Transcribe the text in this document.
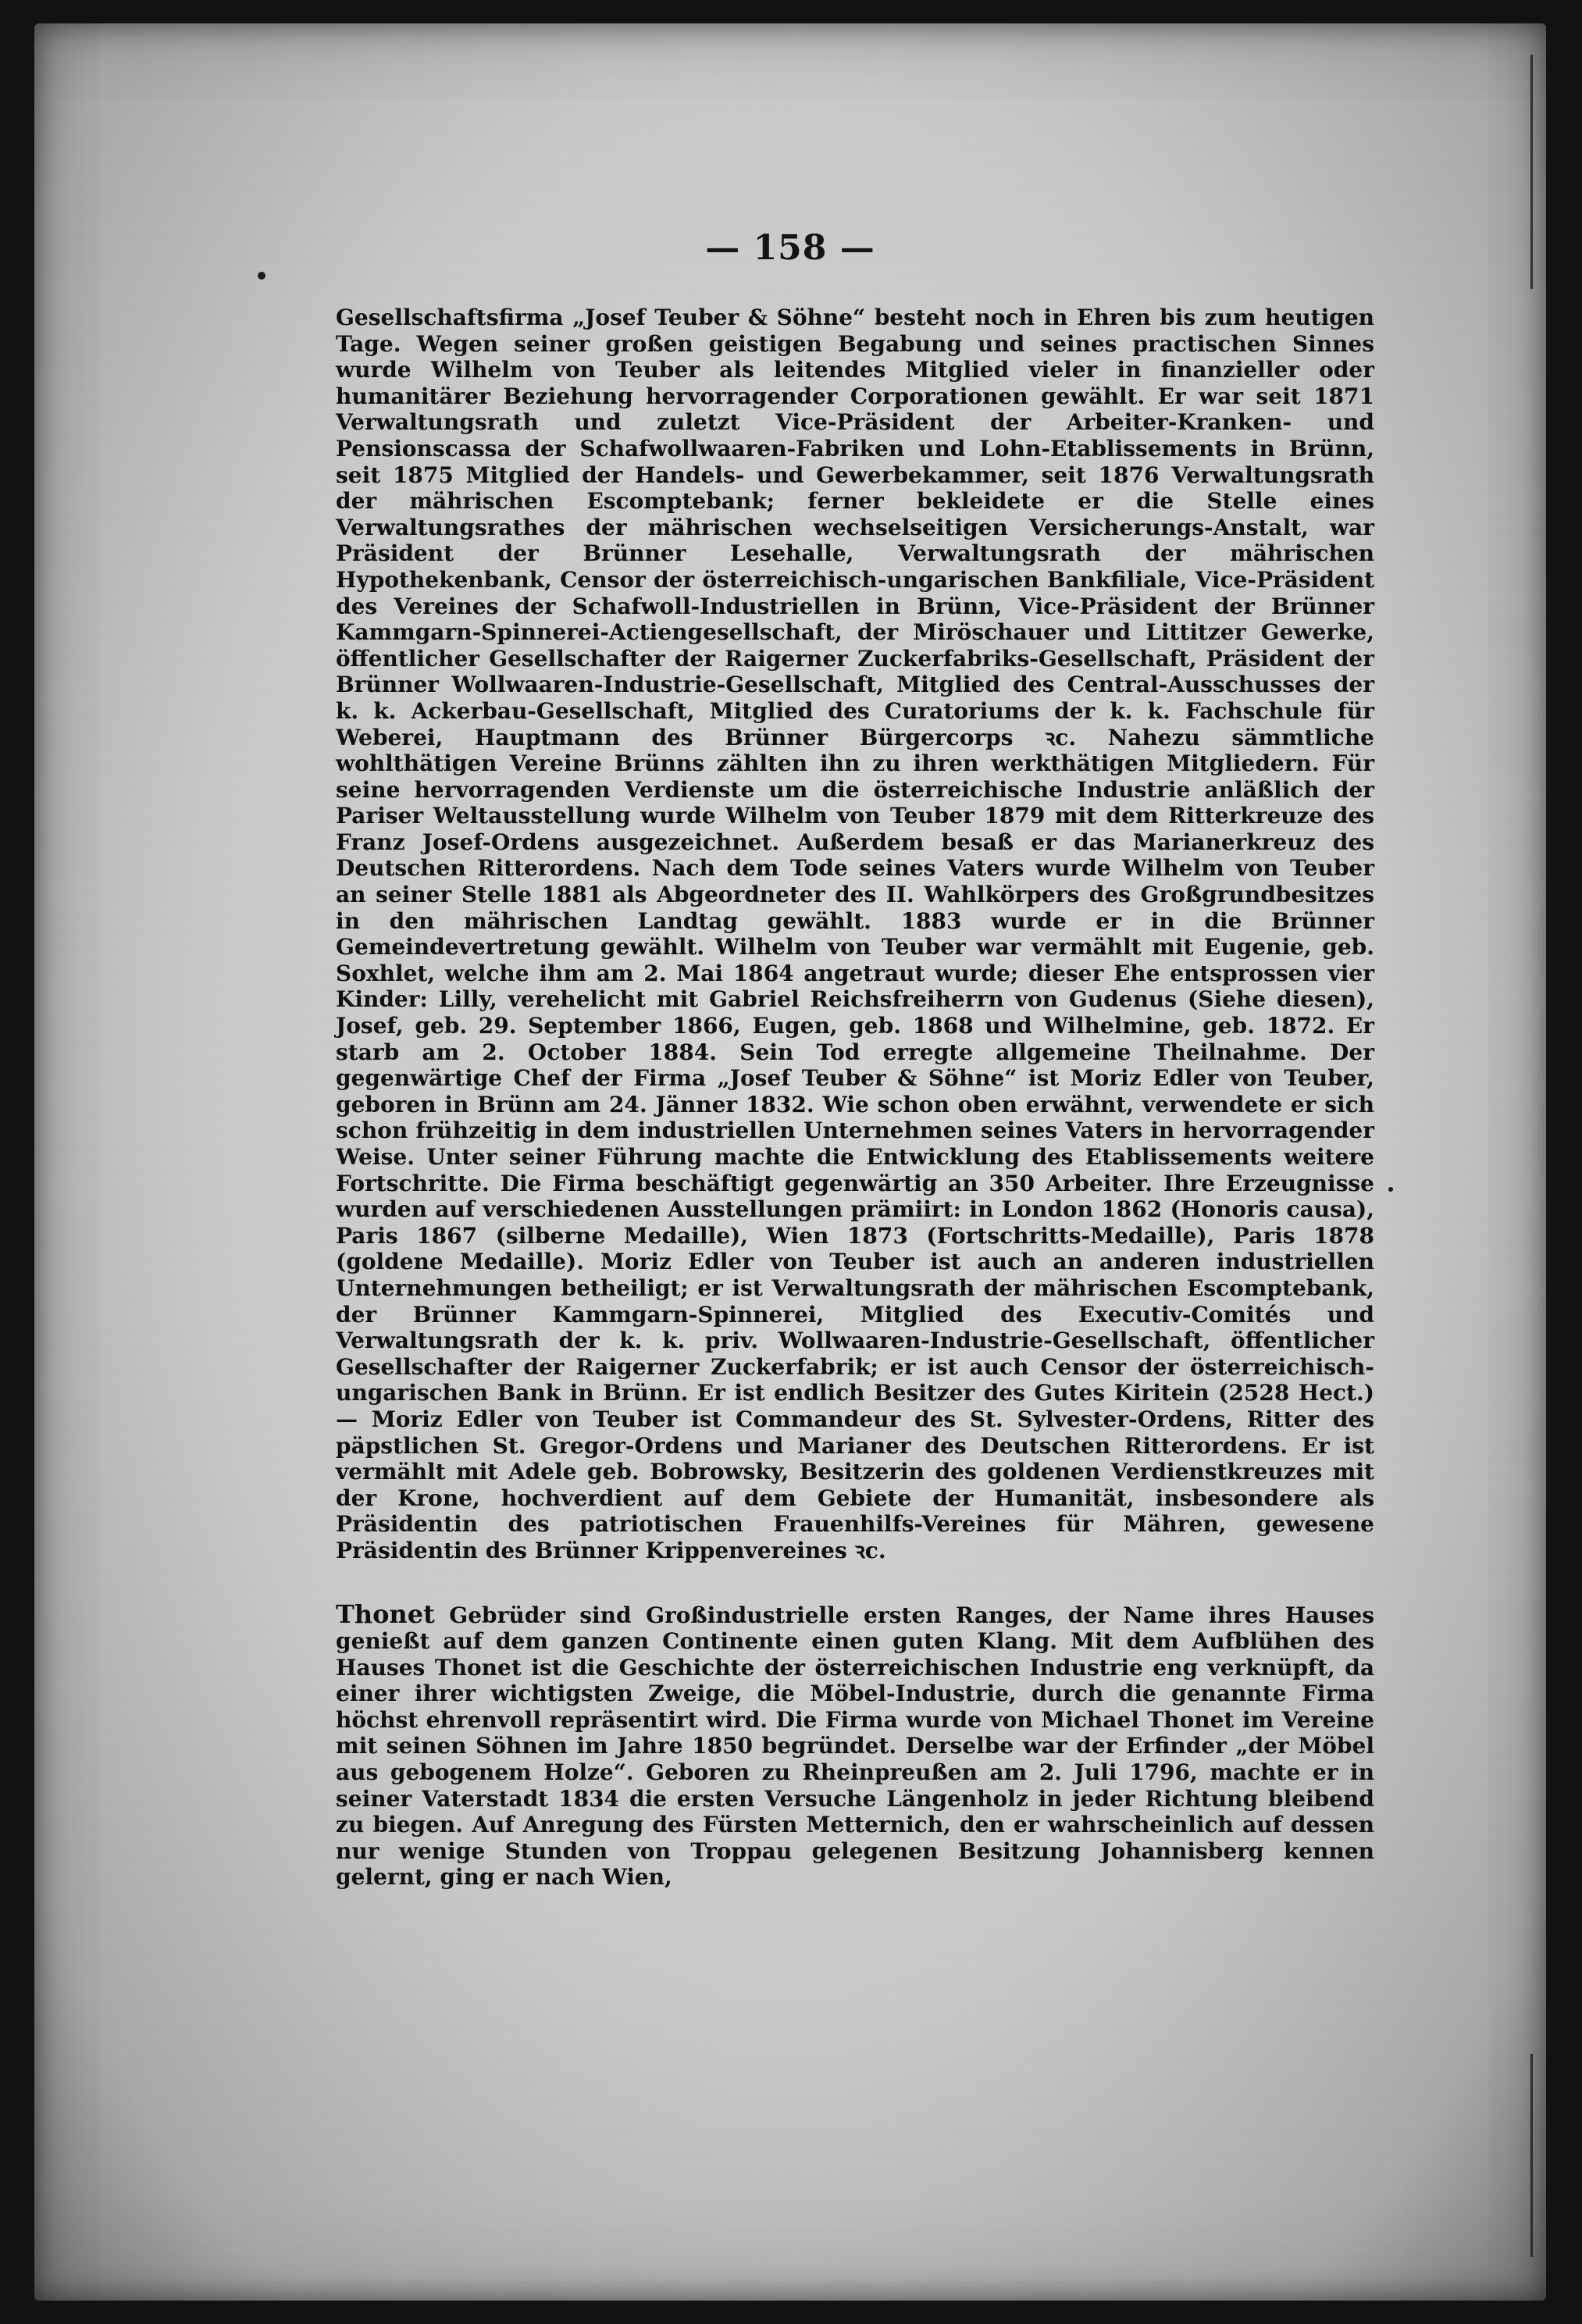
— 158 —

Gesellschaftsfirma „Josef Teuber & Söhne“ besteht noch in Ehren bis zum heutigen Tage. Wegen seiner großen geistigen Begabung und seines practischen Sinnes wurde Wilhelm von Teuber als leitendes Mitglied vieler in finanzieller oder humanitärer Beziehung hervorragender Corporationen gewählt. Er war seit 1871 Verwaltungsrath und zuletzt Vice-Präsident der Arbeiter-Kranken- und Pensionscassa der Schafwollwaaren-Fabriken und Lohn-Etablissements in Brünn, seit 1875 Mitglied der Handels- und Gewerbekammer, seit 1876 Verwaltungsrath der mährischen Escomptebank; ferner bekleidete er die Stelle eines Verwaltungsrathes der mährischen wechselseitigen Versicherungs-Anstalt, war Präsident der Brünner Lesehalle, Verwaltungsrath der mährischen Hypothekenbank, Censor der österreichisch-ungarischen Bankfiliale, Vice-Präsident des Vereines der Schafwoll-Industriellen in Brünn, Vice-Präsident der Brünner Kammgarn-Spinnerei-Actiengesellschaft, der Miröschauer und Littitzer Gewerke, öffentlicher Gesellschafter der Raigerner Zuckerfabriks-Gesellschaft, Präsident der Brünner Wollwaaren-Industrie-Gesellschaft, Mitglied des Central-Ausschusses der k. k. Ackerbau-Gesellschaft, Mitglied des Curatoriums der k. k. Fachschule für Weberei, Hauptmann des Brünner Bürgercorps ꝛc. Nahezu sämmtliche wohlthätigen Vereine Brünns zählten ihn zu ihren werkthätigen Mitgliedern. Für seine hervorragenden Verdienste um die österreichische Industrie anläßlich der Pariser Weltausstellung wurde Wilhelm von Teuber 1879 mit dem Ritterkreuze des Franz Josef-Ordens ausgezeichnet. Außerdem besaß er das Marianerkreuz des Deutschen Ritterordens. Nach dem Tode seines Vaters wurde Wilhelm von Teuber an seiner Stelle 1881 als Abgeordneter des II. Wahlkörpers des Großgrundbesitzes in den mährischen Landtag gewählt. 1883 wurde er in die Brünner Gemeindevertretung gewählt. Wilhelm von Teuber war vermählt mit Eugenie, geb. Soxhlet, welche ihm am 2. Mai 1864 angetraut wurde; dieser Ehe entsprossen vier Kinder: Lilly, verehelicht mit Gabriel Reichsfreiherrn von Gudenus (Siehe diesen), Josef, geb. 29. September 1866, Eugen, geb. 1868 und Wilhelmine, geb. 1872. Er starb am 2. October 1884. Sein Tod erregte allgemeine Theilnahme. Der gegenwärtige Chef der Firma „Josef Teuber & Söhne“ ist Moriz Edler von Teuber, geboren in Brünn am 24. Jänner 1832. Wie schon oben erwähnt, verwendete er sich schon frühzeitig in dem industriellen Unternehmen seines Vaters in hervorragender Weise. Unter seiner Führung machte die Entwicklung des Etablissements weitere Fortschritte. Die Firma beschäftigt gegenwärtig an 350 Arbeiter. Ihre Erzeugnisse wurden auf verschiedenen Ausstellungen prämiirt: in London 1862 (Honoris causa), Paris 1867 (silberne Medaille), Wien 1873 (Fortschritts-Medaille), Paris 1878 (goldene Medaille). Moriz Edler von Teuber ist auch an anderen industriellen Unternehmungen betheiligt; er ist Verwaltungsrath der mährischen Escomptebank, der Brünner Kammgarn-Spinnerei, Mitglied des Executiv-Comités und Verwaltungsrath der k. k. priv. Wollwaaren-Industrie-Gesellschaft, öffentlicher Gesellschafter der Raigerner Zuckerfabrik; er ist auch Censor der österreichisch-ungarischen Bank in Brünn. Er ist endlich Besitzer des Gutes Kiritein (2528 Hect.) — Moriz Edler von Teuber ist Commandeur des St. Sylvester-Ordens, Ritter des päpstlichen St. Gregor-Ordens und Marianer des Deutschen Ritterordens. Er ist vermählt mit Adele geb. Bobrowsky, Besitzerin des goldenen Verdienstkreuzes mit der Krone, hochverdient auf dem Gebiete der Humanität, insbesondere als Präsidentin des patriotischen Frauenhilfs-Vereines für Mähren, gewesene Präsidentin des Brünner Krippenvereines ꝛc.

Thonet Gebrüder sind Großindustrielle ersten Ranges, der Name ihres Hauses genießt auf dem ganzen Continente einen guten Klang. Mit dem Aufblühen des Hauses Thonet ist die Geschichte der österreichischen Industrie eng verknüpft, da einer ihrer wichtigsten Zweige, die Möbel-Industrie, durch die genannte Firma höchst ehrenvoll repräsentirt wird. Die Firma wurde von Michael Thonet im Vereine mit seinen Söhnen im Jahre 1850 begründet. Derselbe war der Erfinder „der Möbel aus gebogenem Holze“. Geboren zu Rheinpreußen am 2. Juli 1796, machte er in seiner Vaterstadt 1834 die ersten Versuche Längenholz in jeder Richtung bleibend zu biegen. Auf Anregung des Fürsten Metternich, den er wahrscheinlich auf dessen nur wenige Stunden von Troppau gelegenen Besitzung Johannisberg kennen gelernt, ging er nach Wien,
